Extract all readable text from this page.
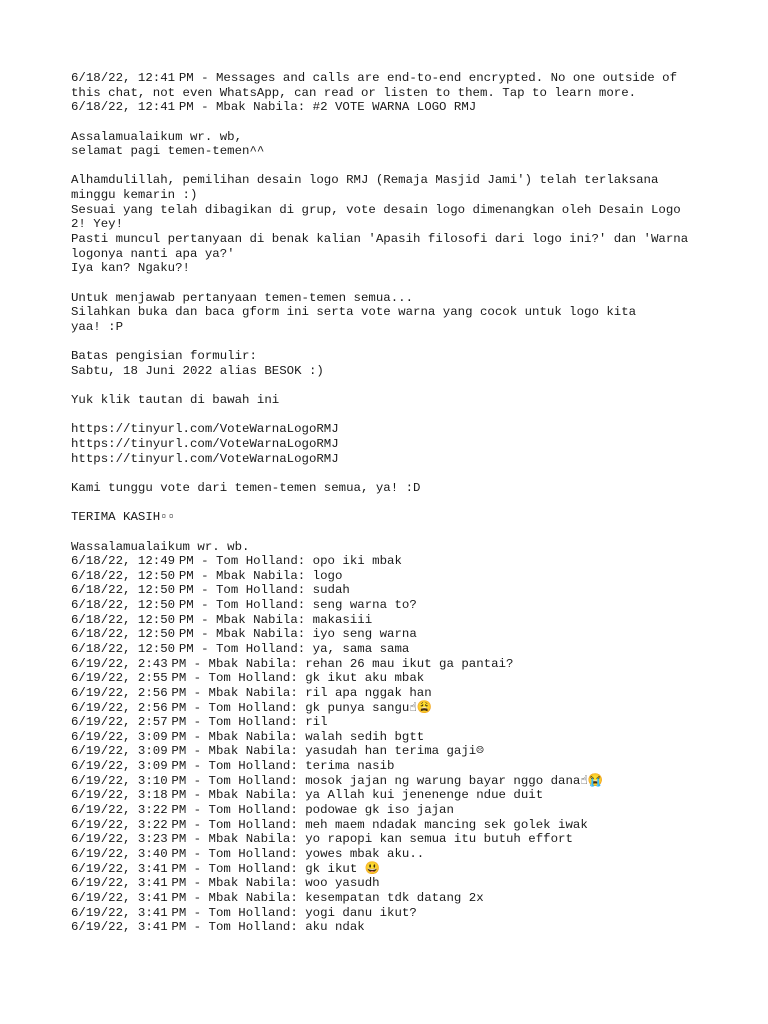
6/18/22, 12:41 PM - Messages and calls are end-to-end encrypted. No one outside of
this chat, not even WhatsApp, can read or listen to them. Tap to learn more.
6/18/22, 12:41 PM - Mbak Nabila: #2 VOTE WARNA LOGO RMJ
Assalamualaikum wr. wb,
selamat pagi temen-temen^^
Alhamdulillah, pemilihan desain logo RMJ (Remaja Masjid Jami') telah terlaksana
minggu kemarin :)
Sesuai yang telah dibagikan di grup, vote desain logo dimenangkan oleh Desain Logo
2! Yey!
Pasti muncul pertanyaan di benak kalian 'Apasih filosofi dari logo ini?' dan 'Warna
logonya nanti apa ya?'
Iya kan? Ngaku?!
Untuk menjawab pertanyaan temen-temen semua...
Silahkan buka dan baca gform ini serta vote warna yang cocok untuk logo kita
yaa! :P
Batas pengisian formulir:
Sabtu, 18 Juni 2022 alias BESOK :)
Yuk klik tautan di bawah ini
https://tinyurl.com/VoteWarnaLogoRMJ
https://tinyurl.com/VoteWarnaLogoRMJ
https://tinyurl.com/VoteWarnaLogoRMJ
Kami tunggu vote dari temen-temen semua, ya! :D
TERIMA KASIH▫▫
Wassalamualaikum wr. wb.
6/18/22, 12:49 PM - Tom Holland: opo iki mbak
6/18/22, 12:50 PM - Mbak Nabila: logo
6/18/22, 12:50 PM - Tom Holland: sudah
6/18/22, 12:50 PM - Tom Holland: seng warna to?
6/18/22, 12:50 PM - Mbak Nabila: makasiii
6/18/22, 12:50 PM - Mbak Nabila: iyo seng warna
6/18/22, 12:50 PM - Tom Holland: ya, sama sama
6/19/22, 2:43 PM - Mbak Nabila: rehan 26 mau ikut ga pantai?
6/19/22, 2:55 PM - Tom Holland: gk ikut aku mbak
6/19/22, 2:56 PM - Mbak Nabila: ril apa nggak han
6/19/22, 2:56 PM - Tom Holland: gk punya sangu☝😩
6/19/22, 2:57 PM - Tom Holland: ril
6/19/22, 3:09 PM - Mbak Nabila: walah sedih bgtt
6/19/22, 3:09 PM - Mbak Nabila: yasudah han terima gaji☹
6/19/22, 3:09 PM - Tom Holland: terima nasib
6/19/22, 3:10 PM - Tom Holland: mosok jajan ng warung bayar nggo dana☝😭
6/19/22, 3:18 PM - Mbak Nabila: ya Allah kui jenenenge ndue duit
6/19/22, 3:22 PM - Tom Holland: podowae gk iso jajan
6/19/22, 3:22 PM - Tom Holland: meh maem ndadak mancing sek golek iwak
6/19/22, 3:23 PM - Mbak Nabila: yo rapopi kan semua itu butuh effort
6/19/22, 3:40 PM - Tom Holland: yowes mbak aku..
6/19/22, 3:41 PM - Tom Holland: gk ikut 😃
6/19/22, 3:41 PM - Mbak Nabila: woo yasudh
6/19/22, 3:41 PM - Mbak Nabila: kesempatan tdk datang 2x
6/19/22, 3:41 PM - Tom Holland: yogi danu ikut?
6/19/22, 3:41 PM - Tom Holland: aku ndak
